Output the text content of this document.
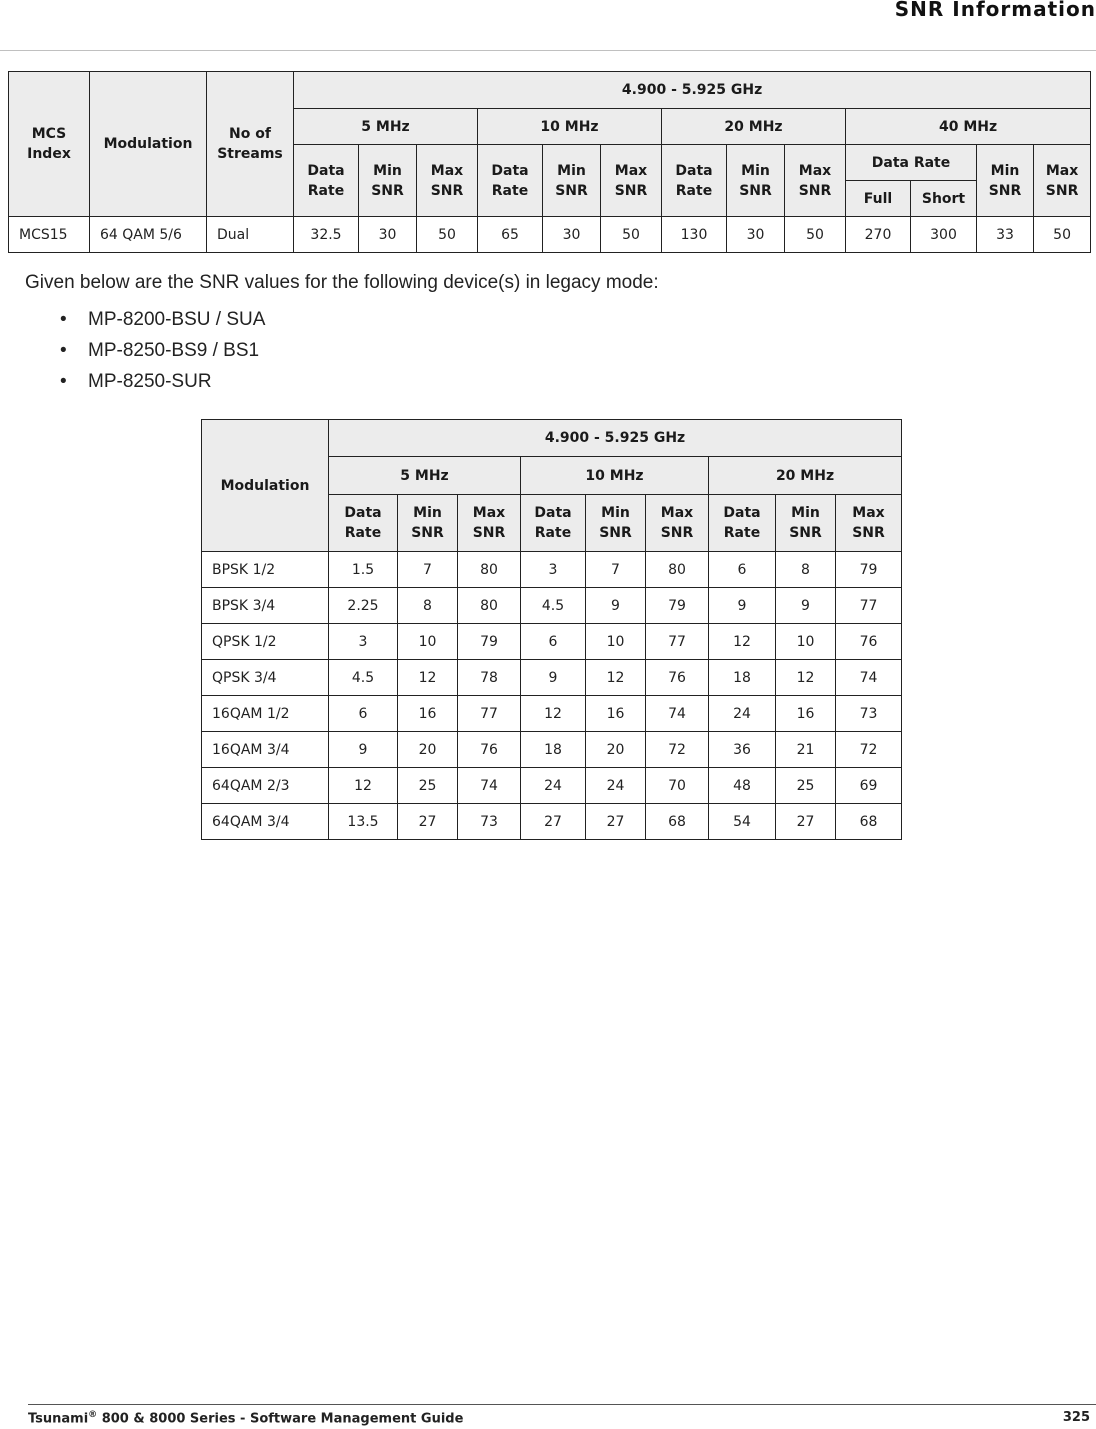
SNR Information
MCS Index	Modulation	No of Streams	4.900 - 5.925 GHz												
			5 MHz			10 MHz			20 MHz			40 MHz			
			Data Rate	Min SNR	Max SNR	Data Rate	Min SNR	Max SNR	Data Rate	Min SNR	Max SNR	Data Rate		Min SNR	Max SNR
												Full	Short		
MCS15	64 QAM 5/6	Dual	32.5	30	50	65	30	50	130	30	50	270	300	33	50

Given below are the SNR values for the following device(s) in legacy mode:

• MP-8200-BSU / SUA
• MP-8250-BS9 / BS1
• MP-8250-SUR
Modulation	4.900 - 5.925 GHz								
	5 MHz			10 MHz			20 MHz		
	Data Rate	Min SNR	Max SNR	Data Rate	Min SNR	Max SNR	Data Rate	Min SNR	Max SNR
BPSK 1/2	1.5	7	80	3	7	80	6	8	79
BPSK 3/4	2.25	8	80	4.5	9	79	9	9	77
QPSK 1/2	3	10	79	6	10	77	12	10	76
QPSK 3/4	4.5	12	78	9	12	76	18	12	74
16QAM 1/2	6	16	77	12	16	74	24	16	73
16QAM 3/4	9	20	76	18	20	72	36	21	72
64QAM 2/3	12	25	74	24	24	70	48	25	69
64QAM 3/4	13.5	27	73	27	27	68	54	27	68
Tsunami® 800 & 8000 Series - Software Management Guide	325
